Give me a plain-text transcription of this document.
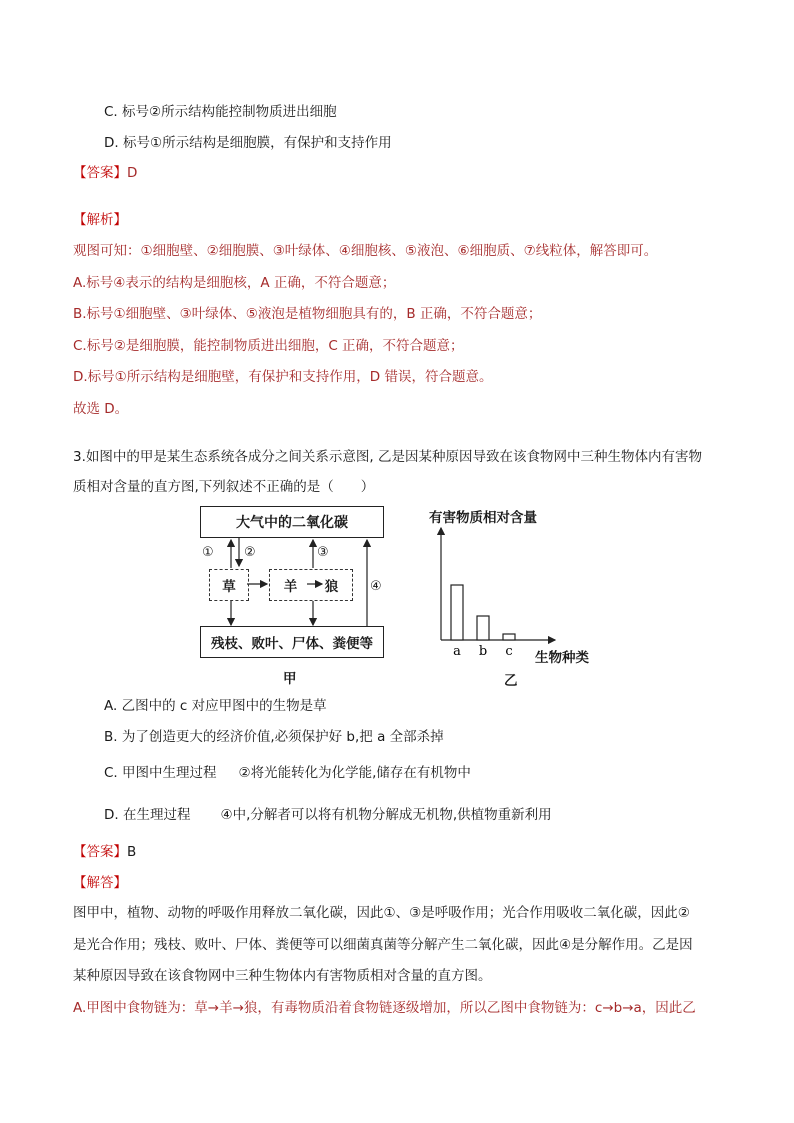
C. 标号②所示结构能控制物质进出细胞
D. 标号①所示结构是细胞膜，有保护和支持作用
【答案】D
【解析】
观图可知：①细胞壁、②细胞膜、③叶绿体、④细胞核、⑤液泡、⑥细胞质、⑦线粒体，解答即可。
A.标号④表示的结构是细胞核，A 正确，不符合题意；
B.标号①细胞壁、③叶绿体、⑤液泡是植物细胞具有的，B 正确，不符合题意；
C.标号②是细胞膜，能控制物质进出细胞，C 正确，不符合题意；
D.标号①所示结构是细胞壁，有保护和支持作用，D 错误，符合题意。
故选 D。
3.如图中的甲是某生态系统各成分之间关系示意图, 乙是因某种原因导致在该食物网中三种生物体内有害物
质相对含量的直方图,下列叙述不正确的是（　　）
大气中的二氧化碳
草	羊 狼
残枝、败叶、尸体、粪便等
① ②	③
④
甲
有害物质相对含量
a b c 生物种类
乙
A. 乙图中的 c 对应甲图中的生物是草
B. 为了创造更大的经济价值,必须保护好 b,把 a 全部杀掉
C. 甲图中生理过程 ②将光能转化为化学能,储存在有机物中
D. 在生理过程 ④中,分解者可以将有机物分解成无机物,供植物重新利用
【答案】B
【解答】
图甲中，植物、动物的呼吸作用释放二氧化碳，因此①、③是呼吸作用；光合作用吸收二氧化碳，因此②
是光合作用；残枝、败叶、尸体、粪便等可以细菌真菌等分解产生二氧化碳，因此④是分解作用。乙是因
某种原因导致在该食物网中三种生物体内有害物质相对含量的直方图。
A.甲图中食物链为：草→羊→狼，有毒物质沿着食物链逐级增加，所以乙图中食物链为：c→b→a，因此乙
